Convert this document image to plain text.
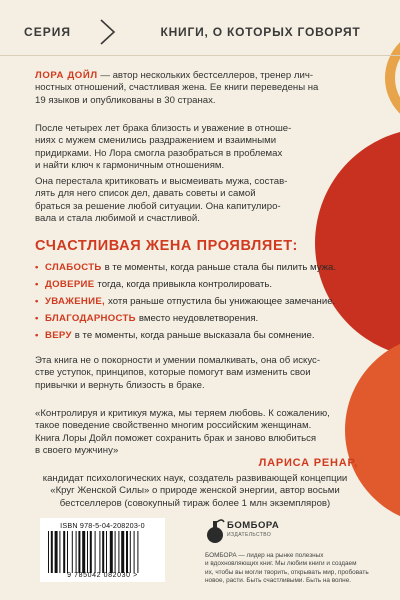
СЕРИЯ	КНИГИ, О КОТОРЫХ ГОВОРЯТ

ЛОРА ДОЙЛ — автор нескольких бестселлеров, тренер лич-

ностных отношений, счастливая жена. Ее книги переведены на

19 языков и опубликованы в 30 странах.

После четырех лет брака близость и уважение в отноше-

ниях с мужем сменились раздражением и взаимными

придирками. Но Лора смогла разобраться в проблемах

и найти ключ к гармоничным отношениям.

Она перестала критиковать и высмеивать мужа, состав-

лять для него список дел, давать советы и самой

браться за решение любой ситуации. Она капитулиро-

вала и стала любимой и счастливой.

СЧАСТЛИВАЯ ЖЕНА ПРОЯВЛЯЕТ:
• СЛАБОСТЬ в те моменты, когда раньше стала бы пилить мужа.
• ДОВЕРИЕ тогда, когда привыкла контролировать.
• УВАЖЕНИЕ, хотя раньше отпустила бы унижающее замечание.
• БЛАГОДАРНОСТЬ вместо неудовлетворения.
• ВЕРУ в те моменты, когда раньше высказала бы сомнение.

Эта книга не о покорности и умении помалкивать, она об искус-

стве уступок, принципов, которые помогут вам изменить свои

привычки и вернуть близость в браке.

«Контролируя и критикуя мужа, мы теряем любовь. К сожалению,

такое поведение свойственно многим российским женщинам.

Книга Лоры Дойл поможет сохранить брак и заново влюбиться

в своего мужчину»

ЛАРИСА РЕНАР,

кандидат психологических наук, создатель развивающей концепции

«Круг Женской Силы» о природе женской энергии, автор восьми

бестселлеров (совокупный тираж более 1 млн экземпляров)

ISBN 978-5-04-208203-0
9 785042 082030 >
БОМБОРА
ИЗДАТЕЛЬСТВО

БОМБОРА — лидер на рынке полезных

и вдохновляющих книг. Мы любим книги и создаем

их, чтобы вы могли творить, открывать мир, пробовать

новое, расти. Быть счастливыми. Быть на волне.
